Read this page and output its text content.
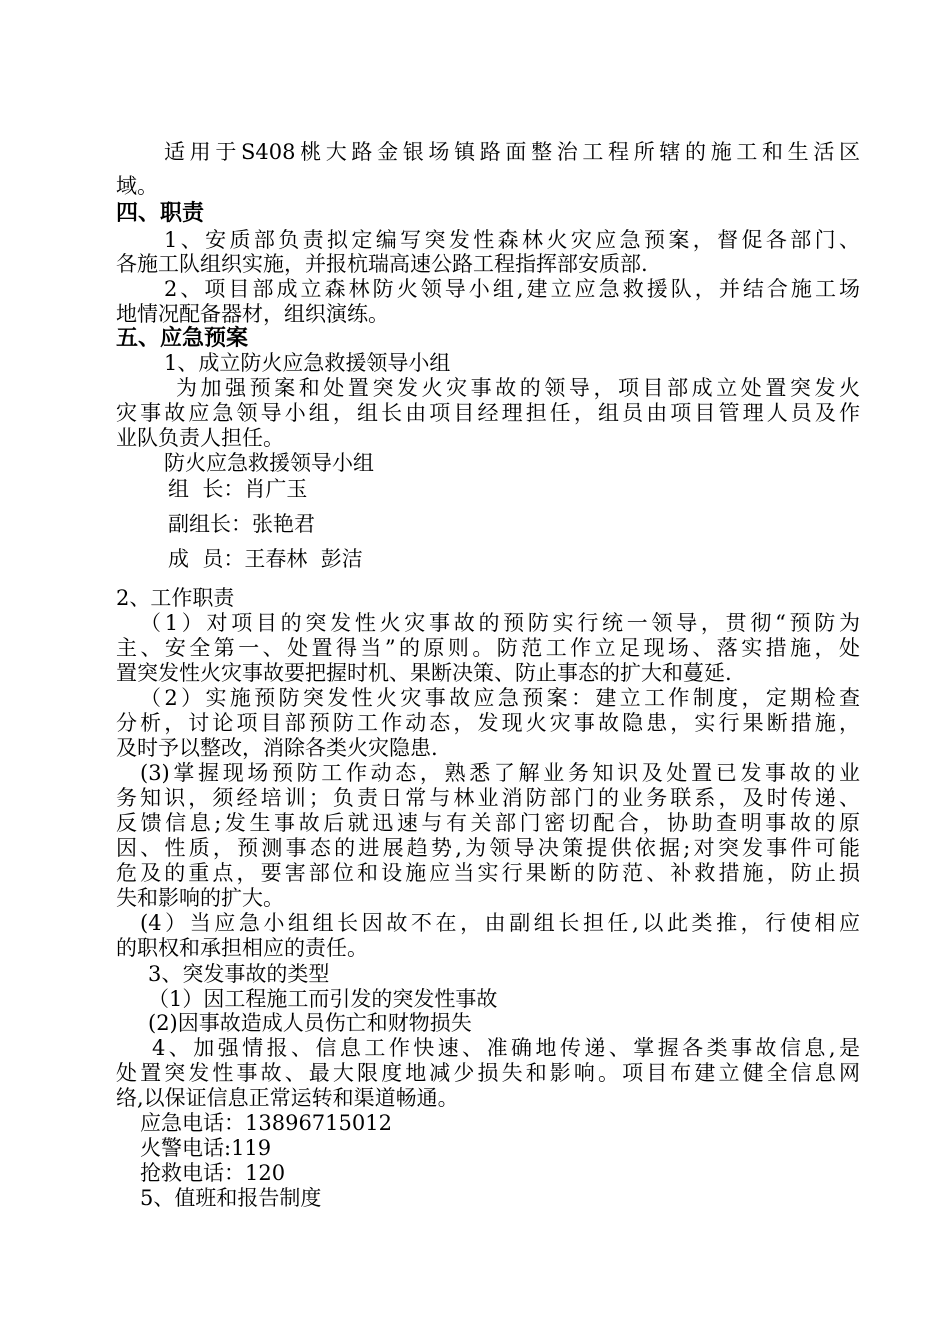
适用于S408桃大路金银场镇路面整治工程所辖的施工和生活区
域。
四、职责
1、安质部负责拟定编写突发性森林火灾应急预案，督促各部门、
各施工队组织实施，并报杭瑞高速公路工程指挥部安质部.
2、项目部成立森林防火领导小组,建立应急救援队，并结合施工场
地情况配备器材，组织演练。
五、应急预案
1、成立防火应急救援领导小组
为加强预案和处置突发火灾事故的领导，项目部成立处置突发火
灾事故应急领导小组，组长由项目经理担任，组员由项目管理人员及作
业队负责人担任。
防火应急救援领导小组
组  长：肖广玉
副组长：张艳君
成  员：王春林  彭洁
2、工作职责
（1）对项目的突发性火灾事故的预防实行统一领导，贯彻“预防为
主、安全第一、处置得当”的原则。防范工作立足现场、落实措施，处
置突发性火灾事故要把握时机、果断决策、防止事态的扩大和蔓延.
（2）实施预防突发性火灾事故应急预案：建立工作制度，定期检查
分析，讨论项目部预防工作动态，发现火灾事故隐患，实行果断措施，
及时予以整改，消除各类火灾隐患.
(3)掌握现场预防工作动态，熟悉了解业务知识及处置已发事故的业
务知识，须经培训；负责日常与林业消防部门的业务联系，及时传递、
反馈信息;发生事故后就迅速与有关部门密切配合，协助查明事故的原
因、性质，预测事态的进展趋势,为领导决策提供依据;对突发事件可能
危及的重点，要害部位和设施应当实行果断的防范、补救措施，防止损
失和影响的扩大。
(4）当应急小组组长因故不在，由副组长担任,以此类推，行使相应
的职权和承担相应的责任。
3、突发事故的类型
（1）因工程施工而引发的突发性事故
(2)因事故造成人员伤亡和财物损失
4、加强情报、信息工作快速、准确地传递、掌握各类事故信息,是
处置突发性事故、最大限度地减少损失和影响。项目布建立健全信息网
络,以保证信息正常运转和渠道畅通。
应急电话：13896715012
火警电话:119
抢救电话：120
5、值班和报告制度
